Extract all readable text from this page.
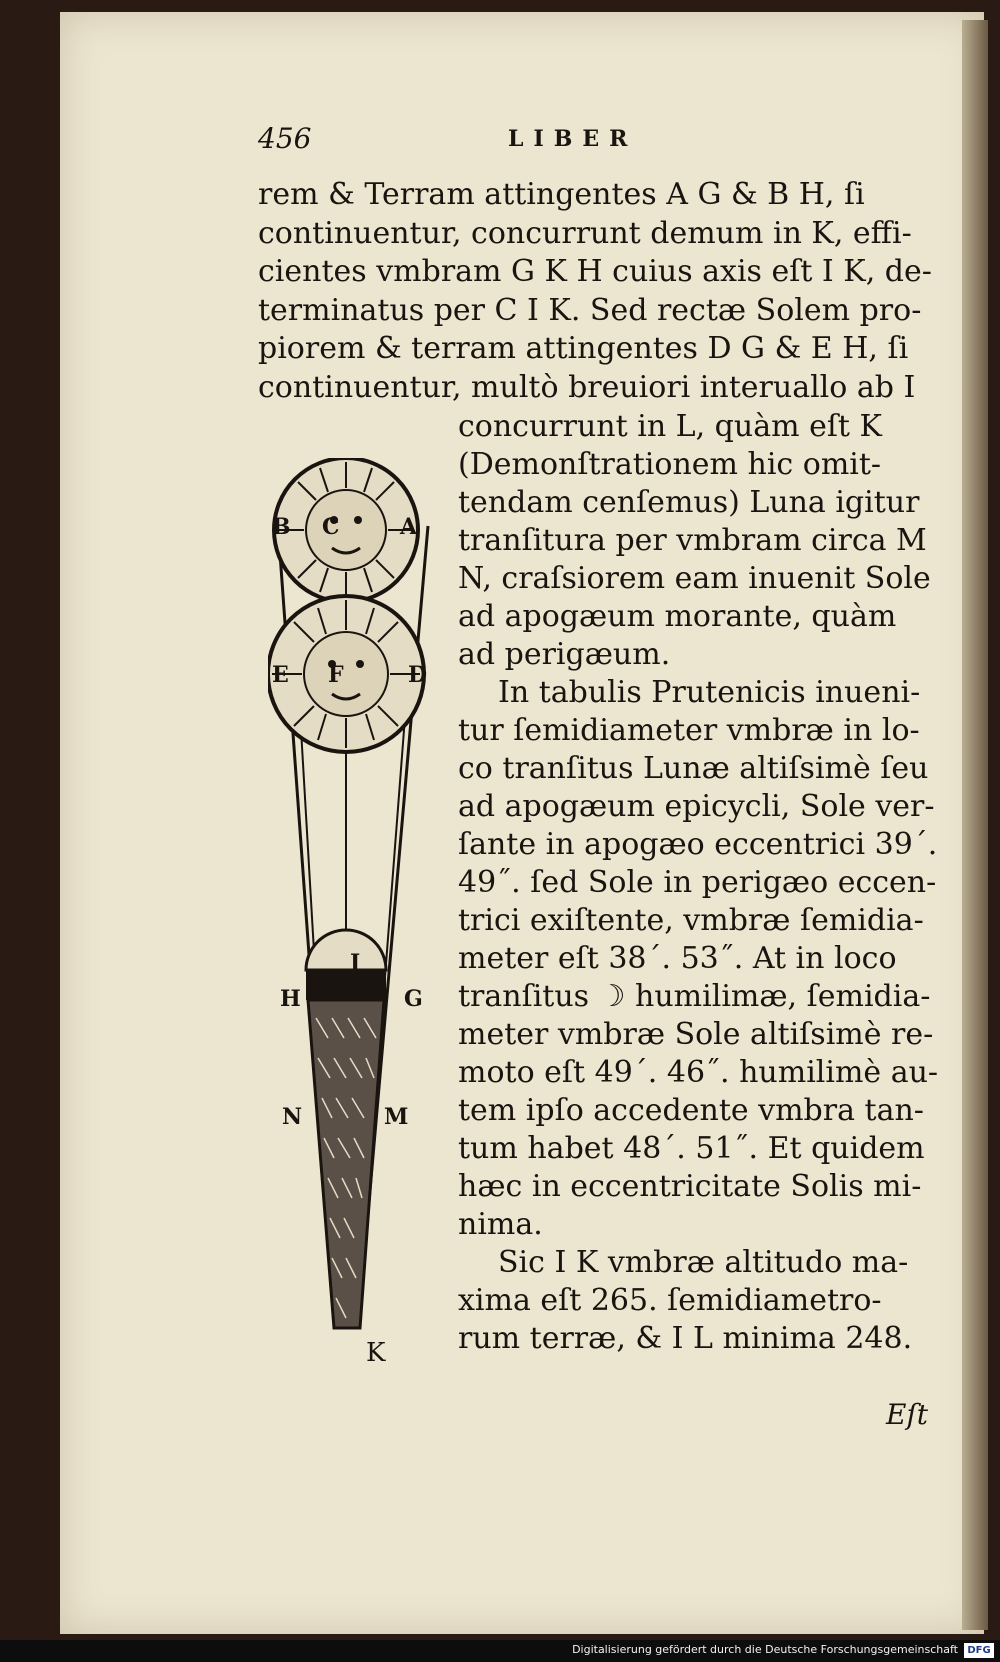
456	LIBER
rem & Terram attingentes A G & B H, ſi
continuentur, concurrunt demum in K, effi-
cientes vmbram G K H cuius axis eſt I K, de-
terminatus per C I K. Sed rectæ Solem pro-
piorem & terram attingentes D G & E H, ſi
continuentur, multò breuiori interuallo ab I
concurrunt in L, quàm eſt K
(Demonſtrationem hic omit-
tendam cenſemus) Luna igitur
tranſitura per vmbram circa M
N, craſsiorem eam inuenit Sole
ad apogæum morante, quàm
ad perigæum.
In tabulis Prutenicis inueni-
tur ſemidiameter vmbræ in lo-
co tranſitus Lunæ altiſsimè ſeu
ad apogæum epicycli, Sole ver-
ſante in apogæo eccentrici 39´.
49˝. ſed Sole in perigæo eccen-
trici exiſtente, vmbræ ſemidia-
meter eſt 38´. 53˝. At in loco
tranſitus ☽ humilimæ, ſemidia-
meter vmbræ Sole altiſsimè re-
moto eſt 49´. 46˝. humilimè au-
tem ipſo accedente vmbra tan-
tum habet 48´. 51˝. Et quidem
hæc in eccentricitate Solis mi-
nima.
Sic I K vmbræ altitudo ma-
xima eſt 265. ſemidiametro-
rum terræ, & I L minima 248.
Eſt
B C	A
E F	D
H
I
G
N	M
K
Digitalisierung gefördert durch die Deutsche Forschungsgemeinschaft DFG
